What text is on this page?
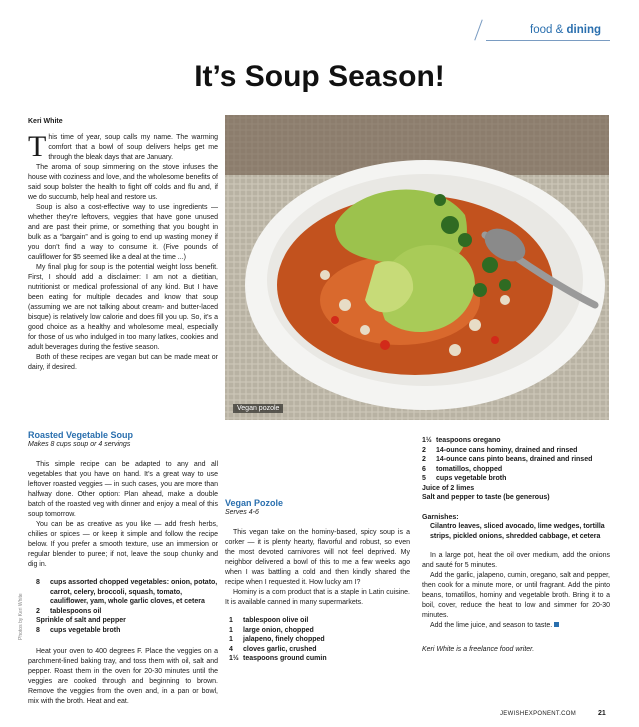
food & dining
It’s Soup Season!
Keri White

This time of year, soup calls my name. The warming comfort that a bowl of soup delivers helps get me through the bleak days that are January.

The aroma of soup simmering on the stove infuses the house with coziness and love, and the wholesome benefits of said soup bolster the health to fight off colds and flu and, if we do succumb, help heal and restore us.

Soup is also a cost-effective way to use ingredients — whether they’re leftovers, veggies that have gone unused and are past their prime, or something that you bought in bulk as a “bargain” and is going to end up wasting money if you don’t find a way to consume it. (Five pounds of cauliflower for $5 seemed like a deal at the time ...)

My final plug for soup is the potential weight loss benefit. First, I should add a disclaimer: I am not a dietitian, nutritionist or medical professional of any kind. But I have been eating for multiple decades and know that soup (assuming we are not talking about cream- and butter-laced bisque) is relatively low calorie and does fill you up. So, it’s a good choice as a healthy and wholesome meal, especially for those of us who indulged in too many latkes, cookies and adult beverages during the festive season.

Both of these recipes are vegan but can be made meat or dairy, if desired.

Vegan pozole
Photos by Keri White
Roasted Vegetable Soup
Makes 8 cups soup or 4 servings

This simple recipe can be adapted to any and all vegetables that you have on hand. It’s a great way to use leftover roasted veggies — in such cases, you are more than halfway done. Other option: Plan ahead, make a double batch of the roasted veg with dinner and enjoy a meal of this soup tomorrow.

You can be as creative as you like — add fresh herbs, chilies or spices — or keep it simple and follow the recipe below. If you prefer a smooth texture, use an immersion or regular blender to puree; if not, leave the soup chunky and dig in.

8	cups assorted chopped vegetables: onion, potato, carrot, celery, broccoli, squash, tomato, cauliflower, yam, whole garlic cloves, et cetera
2	tablespoons oil
Sprinkle of salt and pepper
8	cups vegetable broth

Heat your oven to 400 degrees F. Place the veggies on a parchment-lined baking tray, and toss them with oil, salt and pepper. Roast them in the oven for 20-30 minutes until the veggies are cooked through and beginning to brown. Remove the veggies from the oven and, in a pan or bowl, mix with the broth. Heat and eat.

Vegan Pozole
Serves 4-6

This vegan take on the hominy-based, spicy soup is a corker — it is plenty hearty, flavorful and robust, so even the most devoted carnivores will not feel deprived. My neighbor delivered a bowl of this to me a few weeks ago when I was battling a cold and then kindly shared the recipe when I requested it. How lucky am I?

Hominy is a corn product that is a staple in Latin cuisine. It is available canned in many supermarkets.

1	tablespoon olive oil
1	large onion, chopped
1	jalapeno, finely chopped
4	cloves garlic, crushed
1½ teaspoons ground cumin
1½ teaspoons oregano
2	14-ounce cans hominy, drained and rinsed
2	14-ounce cans pinto beans, drained and rinsed
6	tomatillos, chopped
5	cups vegetable broth
Juice of 2 limes
Salt and pepper to taste (be generous)
Garnishes:
Cilantro leaves, sliced avocado, lime wedges, tortilla strips, pickled onions, shredded cabbage, et cetera

In a large pot, heat the oil over medium, add the onions and sauté for 5 minutes.

Add the garlic, jalapeno, cumin, oregano, salt and pepper, then cook for a minute more, or until fragrant. Add the pinto beans, tomatillos, hominy and vegetable broth. Bring it to a boil, cover, reduce the heat to low and simmer for 20-30 minutes.

Add the lime juice, and season to taste.

Keri White is a freelance food writer.

JEWISHEXPONENT.COM	21
